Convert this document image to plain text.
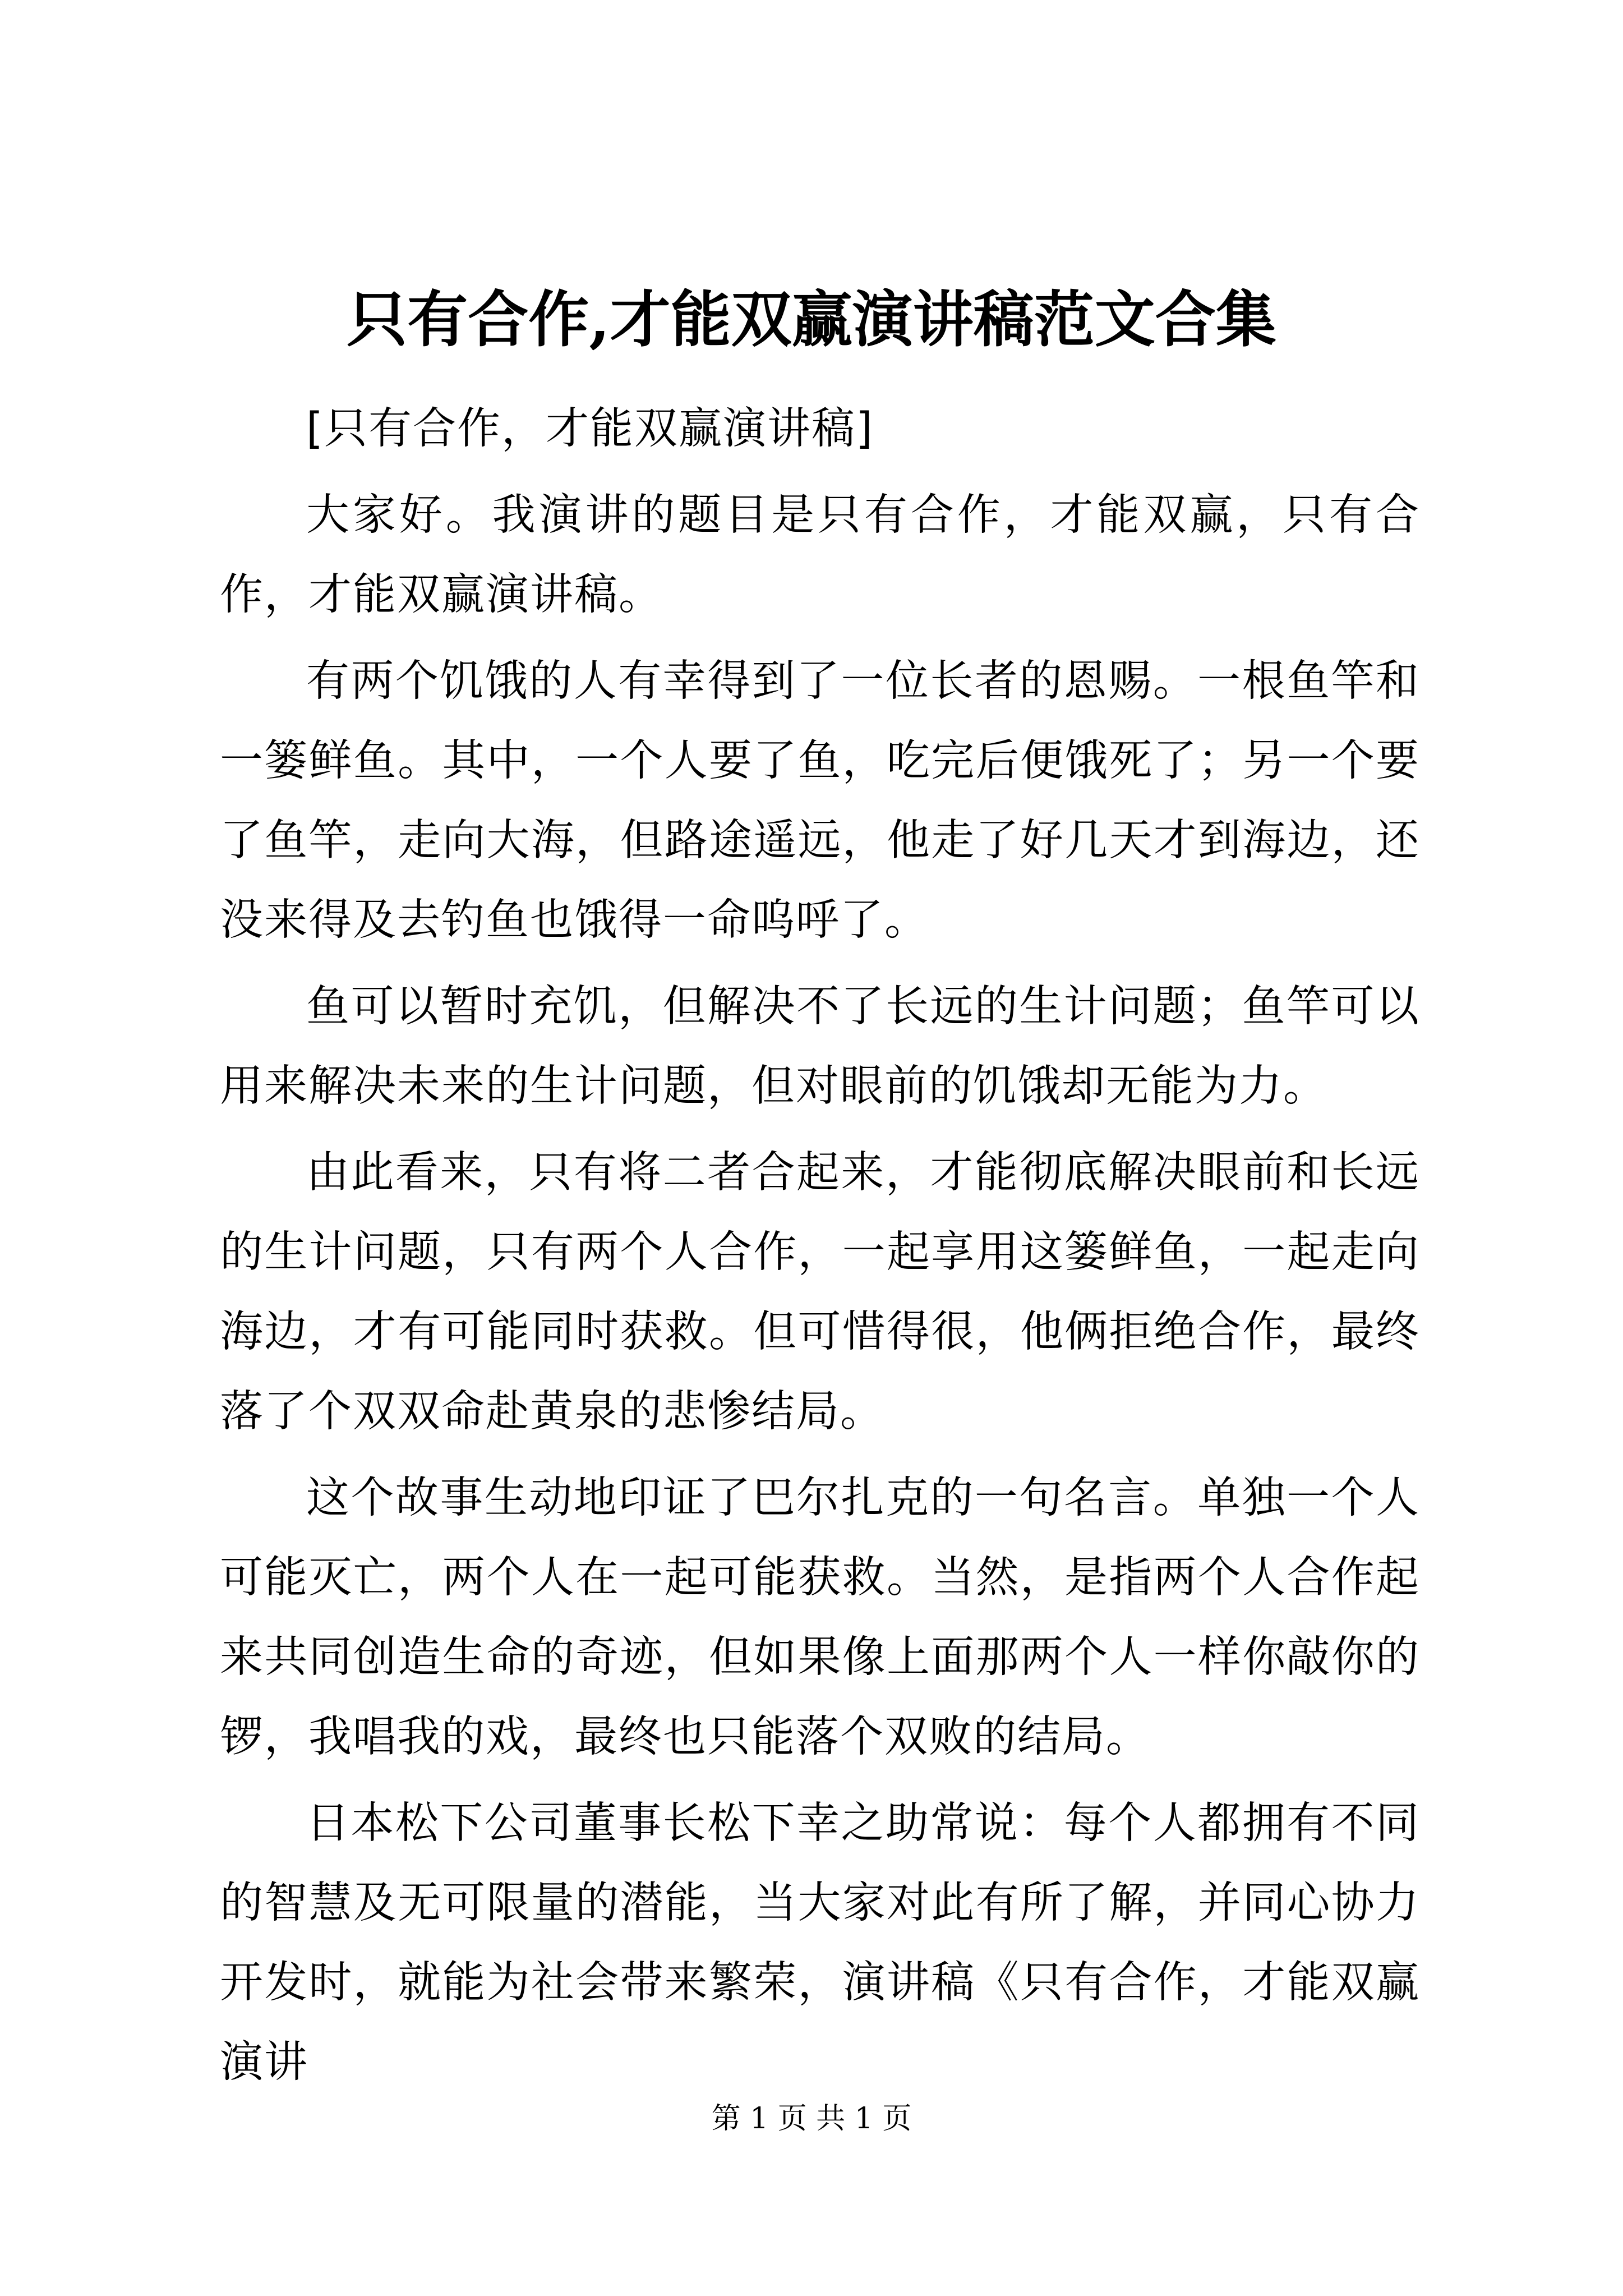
只有合作,才能双赢演讲稿范文合集

[只有合作，才能双赢演讲稿]

大家好。我演讲的题目是只有合作，才能双赢，只有合作，才能双赢演讲稿。

有两个饥饿的人有幸得到了一位长者的恩赐。一根鱼竿和一篓鲜鱼。其中，一个人要了鱼，吃完后便饿死了；另一个要了鱼竿，走向大海，但路途遥远，他走了好几天才到海边，还没来得及去钓鱼也饿得一命呜呼了。

鱼可以暂时充饥，但解决不了长远的生计问题；鱼竿可以用来解决未来的生计问题，但对眼前的饥饿却无能为力。

由此看来，只有将二者合起来，才能彻底解决眼前和长远的生计问题，只有两个人合作，一起享用这篓鲜鱼，一起走向海边，才有可能同时获救。但可惜得很，他俩拒绝合作，最终落了个双双命赴黄泉的悲惨结局。

这个故事生动地印证了巴尔扎克的一句名言。单独一个人可能灭亡，两个人在一起可能获救。当然，是指两个人合作起来共同创造生命的奇迹，但如果像上面那两个人一样你敲你的锣，我唱我的戏，最终也只能落个双败的结局。

日本松下公司董事长松下幸之助常说：每个人都拥有不同的智慧及无可限量的潜能，当大家对此有所了解，并同心协力开发时，就能为社会带来繁荣，演讲稿《只有合作，才能双赢演讲

第 1 页 共 1 页
